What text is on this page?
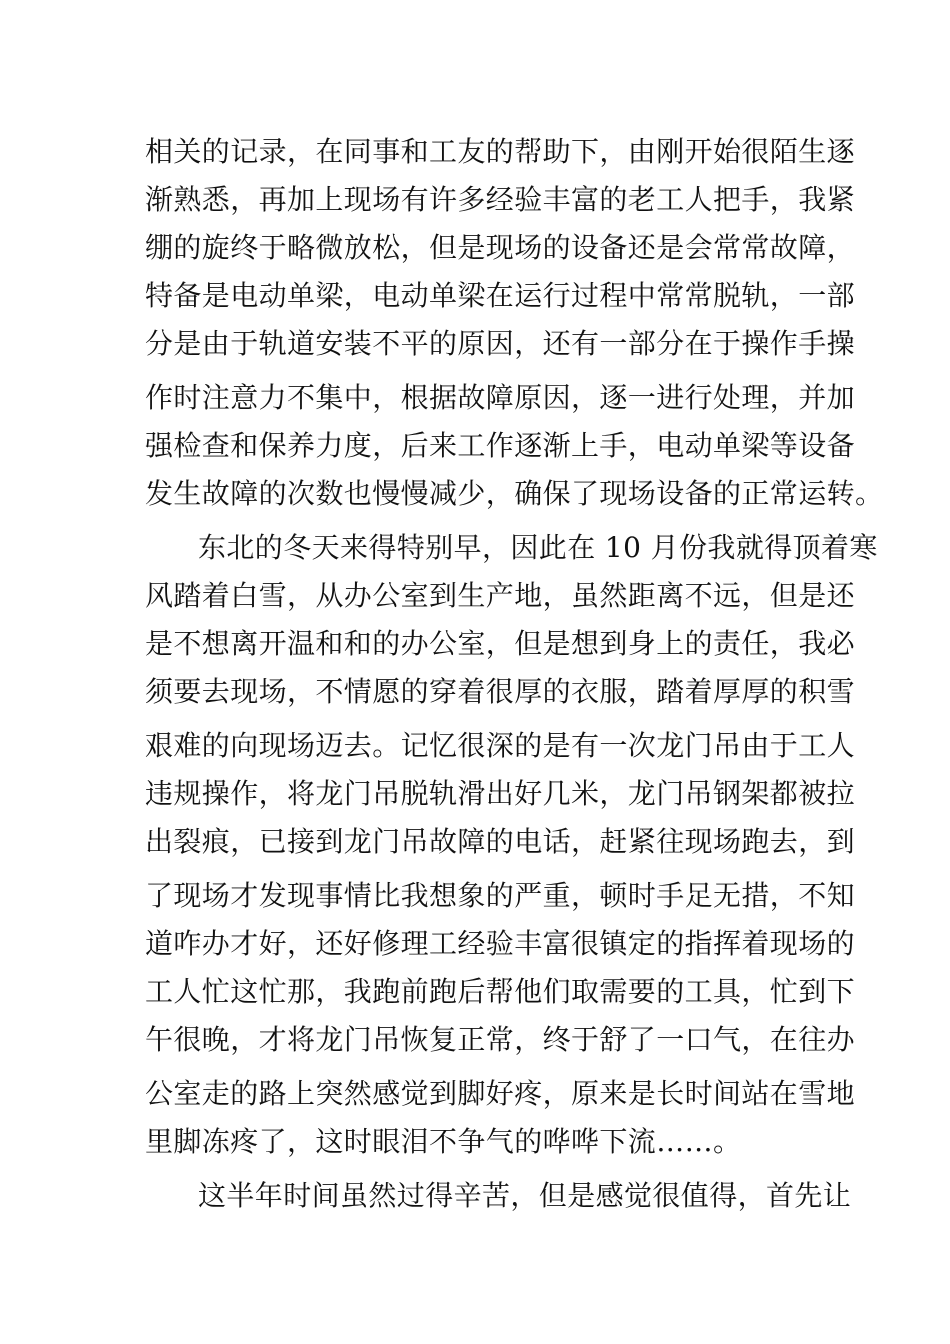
相关的记录，在同事和工友的帮助下，由刚开始很陌生逐
渐熟悉，再加上现场有许多经验丰富的老工人把手，我紧
绷的旋终于略微放松，但是现场的设备还是会常常故障，
特备是电动单梁，电动单梁在运行过程中常常脱轨，一部
分是由于轨道安装不平的原因，还有一部分在于操作手操
作时注意力不集中，根据故障原因，逐一进行处理，并加
强检查和保养力度，后来工作逐渐上手，电动单梁等设备
发生故障的次数也慢慢减少，确保了现场设备的正常运转。
东北的冬天来得特别早，因此在 10 月份我就得顶着寒
风踏着白雪，从办公室到生产地，虽然距离不远，但是还
是不想离开温和和的办公室，但是想到身上的责任，我必
须要去现场，不情愿的穿着很厚的衣服，踏着厚厚的积雪
艰难的向现场迈去。记忆很深的是有一次龙门吊由于工人
违规操作，将龙门吊脱轨滑出好几米，龙门吊钢架都被拉
出裂痕，已接到龙门吊故障的电话，赶紧往现场跑去，到
了现场才发现事情比我想象的严重，顿时手足无措，不知
道咋办才好，还好修理工经验丰富很镇定的指挥着现场的
工人忙这忙那，我跑前跑后帮他们取需要的工具，忙到下
午很晚，才将龙门吊恢复正常，终于舒了一口气，在往办
公室走的路上突然感觉到脚好疼，原来是长时间站在雪地
里脚冻疼了，这时眼泪不争气的哗哗下流……。
这半年时间虽然过得辛苦，但是感觉很值得，首先让
